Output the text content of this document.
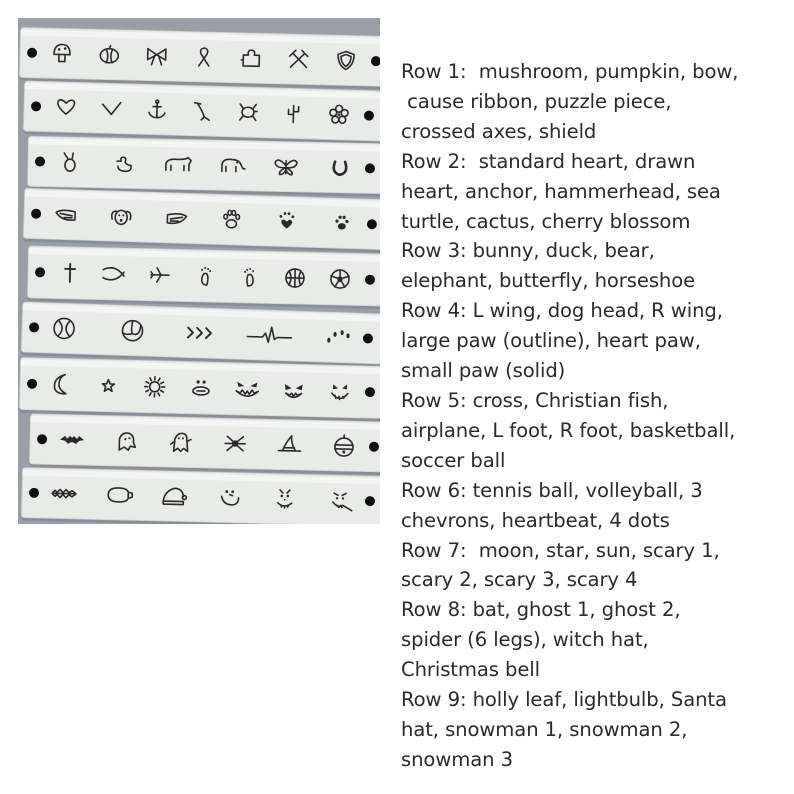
Row 1:  mushroom, pumpkin, bow,
cause ribbon, puzzle piece,
crossed axes, shield
Row 2:  standard heart, drawn
heart, anchor, hammerhead, sea
turtle, cactus, cherry blossom
Row 3: bunny, duck, bear,
elephant, butterfly, horseshoe
Row 4: L wing, dog head, R wing,
large paw (outline), heart paw,
small paw (solid)
Row 5: cross, Christian fish,
airplane, L foot, R foot, basketball,
soccer ball
Row 6: tennis ball, volleyball, 3
chevrons, heartbeat, 4 dots
Row 7:  moon, star, sun, scary 1,
scary 2, scary 3, scary 4
Row 8: bat, ghost 1, ghost 2,
spider (6 legs), witch hat,
Christmas bell
Row 9: holly leaf, lightbulb, Santa
hat, snowman 1, snowman 2,
snowman 3
